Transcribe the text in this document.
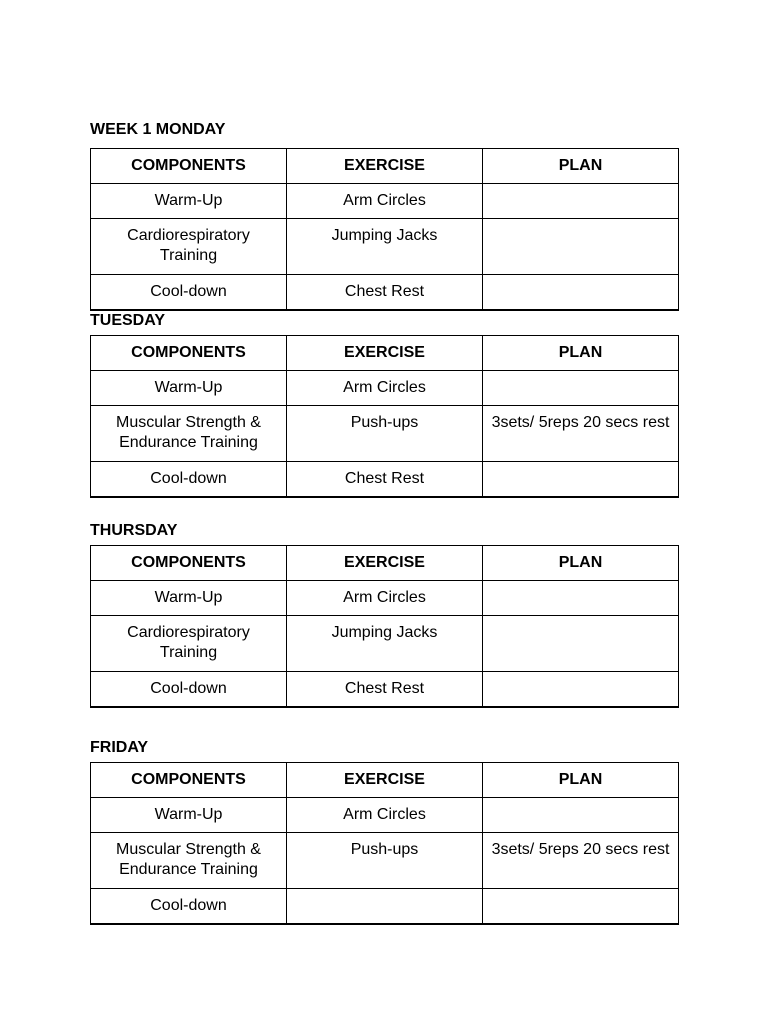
WEEK 1 MONDAY
COMPONENTS	EXERCISE	PLAN
Warm-Up	Arm Circles	
Cardiorespiratory Training	Jumping Jacks	
Cool-down	Chest Rest	
TUESDAY
COMPONENTS	EXERCISE	PLAN
Warm-Up	Arm Circles	
Muscular Strength & Endurance Training	Push-ups	3sets/ 5reps 20 secs rest
Cool-down	Chest Rest	
THURSDAY
COMPONENTS	EXERCISE	PLAN
Warm-Up	Arm Circles	
Cardiorespiratory Training	Jumping Jacks	
Cool-down	Chest Rest	
FRIDAY
COMPONENTS	EXERCISE	PLAN
Warm-Up	Arm Circles	
Muscular Strength & Endurance Training	Push-ups	3sets/ 5reps 20 secs rest
Cool-down		
